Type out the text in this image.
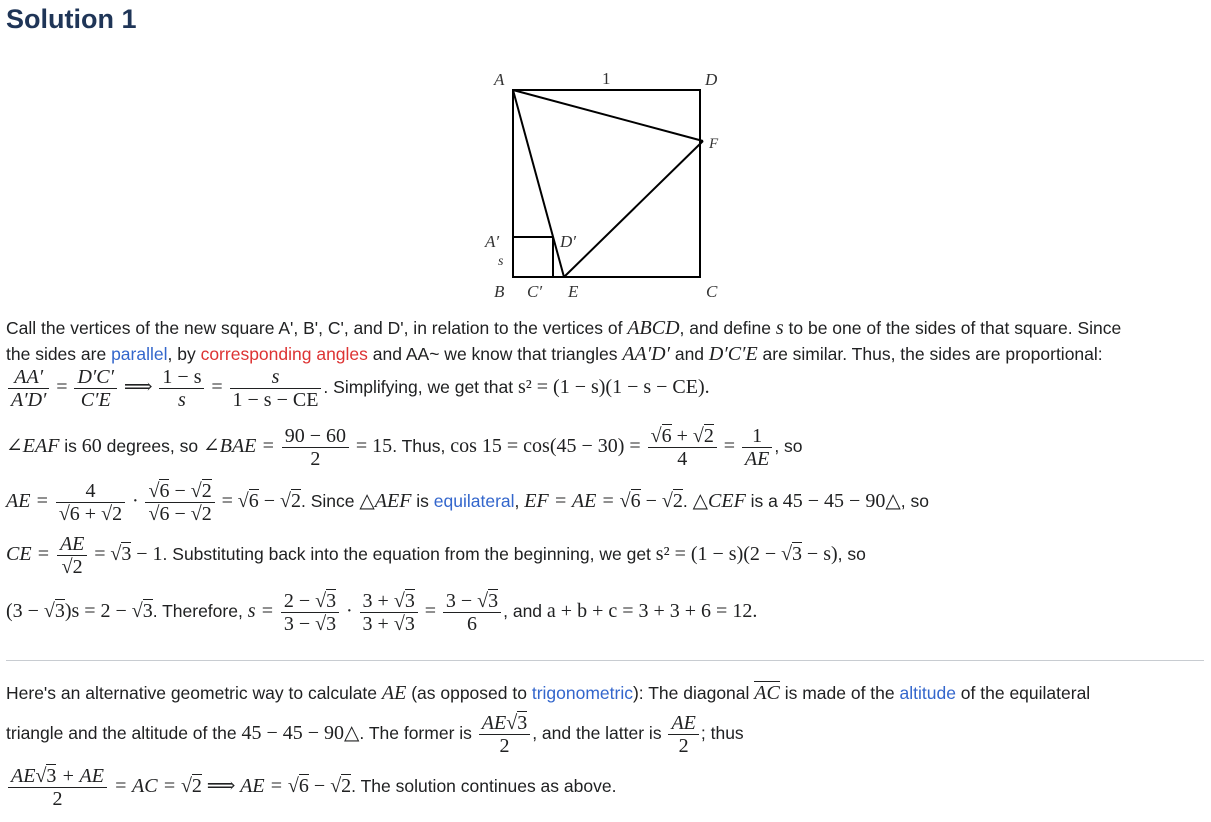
Solution 1
A	1	D
F
A′	D′
s
B C′ E	C
Call the vertices of the new square A', B', C', and D', in relation to the vertices of ABCD, and define s to be one of the sides of that square. Since
the sides are parallel, by corresponding angles and AA~ we know that triangles AA′D′ and D′C′E are similar. Thus, the sides are proportional:
$\frac{AA'}{A'D'} = \frac{D'C'}{C'E}$ ⟹ $\frac{1 - s}{s} = \frac{s}{1 - s - CE}$ . Simplifying, we get that s² = (1 − s)(1 − s − CE).
∠EAF is 60 degrees, so ∠BAE = $\frac{90 - 60}{2} = 15$. Thus, cos 15 = cos(45 − 30) = √ $\frac{6 + √ 2}{4} = \frac{1}{AE}$ , so
AE = 4
√ 6 + √ 2 · √ 6 − √ 2
√ 6 − √ 2 = √ 6 − √ 2. Since △AEF is equilateral, EF = AE = √ 6 − √ 2. △CEF is a 45 − 45 − 90△, so
CE = AE
√ 2 = √ 3 − 1. Substituting back into the equation from the beginning, we get s² = (1 − s)(2 − √ 3 − s), so
(3 − √ 3)s = 2 − √ 3. Therefore, $s = \frac{2 - √ 3}{3 - √ 3} \cdot \frac{3 + √ 3}{3 + √ 3} = \frac{3 - √ 3}{6}$ , and a + b + c = 3 + 3 + 6 = 12.
Here's an alternative geometric way to calculate AE (as opposed to trigonometric): The diagonal AC is made of the altitude of the equilateral
triangle and the altitude of the 45 − 45 − 90△. The former is $\frac{AE √ 3}{2}$ , and the latter is $\frac{AE}{2}$ ; thus
$\frac{AE √ 3 + AE}{2}$ = AC = √ 2 ⟹ AE = √ 6 − √ 2. The solution continues as above.
